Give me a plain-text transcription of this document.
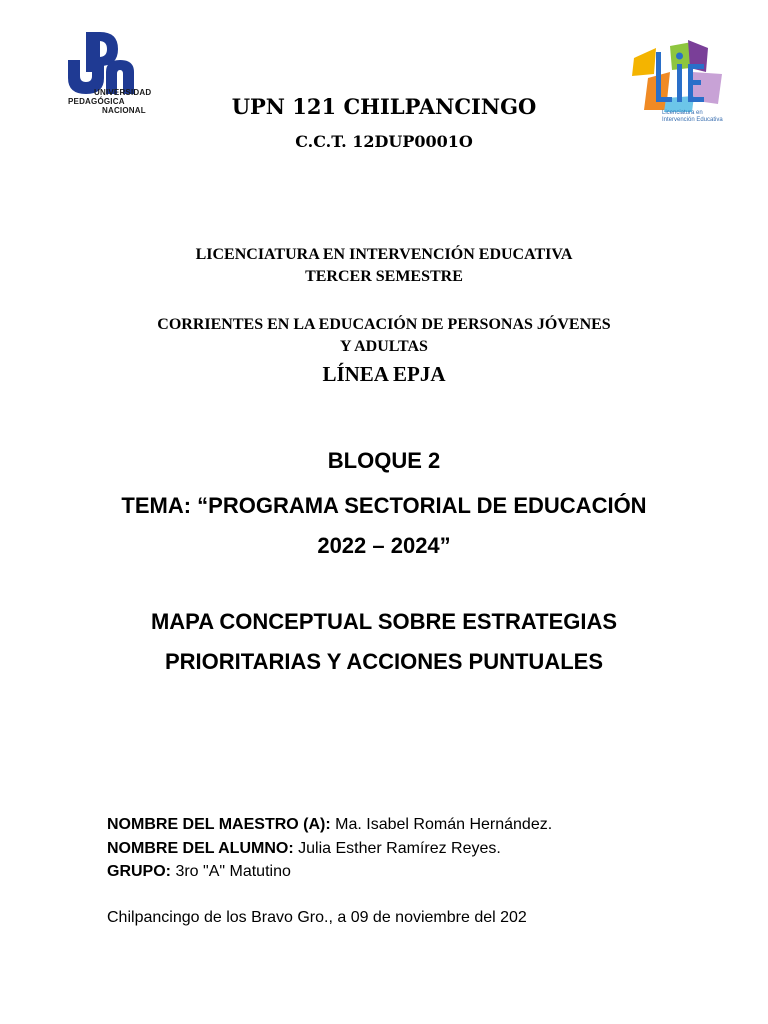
UNIVERSIDAD
PEDAGÓGICA
NACIONAL	Licenciatura en
Intervención Educativa
UPN 121 CHILPANCINGO
C.C.T. 12DUP0001O
LICENCIATURA EN INTERVENCIÓN EDUCATIVA
TERCER SEMESTRE
CORRIENTES EN LA EDUCACIÓN DE PERSONAS JÓVENES
Y ADULTAS
LÍNEA EPJA
BLOQUE 2
TEMA: “PROGRAMA SECTORIAL DE EDUCACIÓN
2022 – 2024”
MAPA CONCEPTUAL SOBRE ESTRATEGIAS
PRIORITARIAS Y ACCIONES PUNTUALES
NOMBRE DEL MAESTRO (A): Ma. Isabel Román Hernández.
NOMBRE DEL ALUMNO: Julia Esther Ramírez Reyes.
GRUPO: 3ro "A" Matutino
Chilpancingo de los Bravo Gro., a 09 de noviembre del 202
